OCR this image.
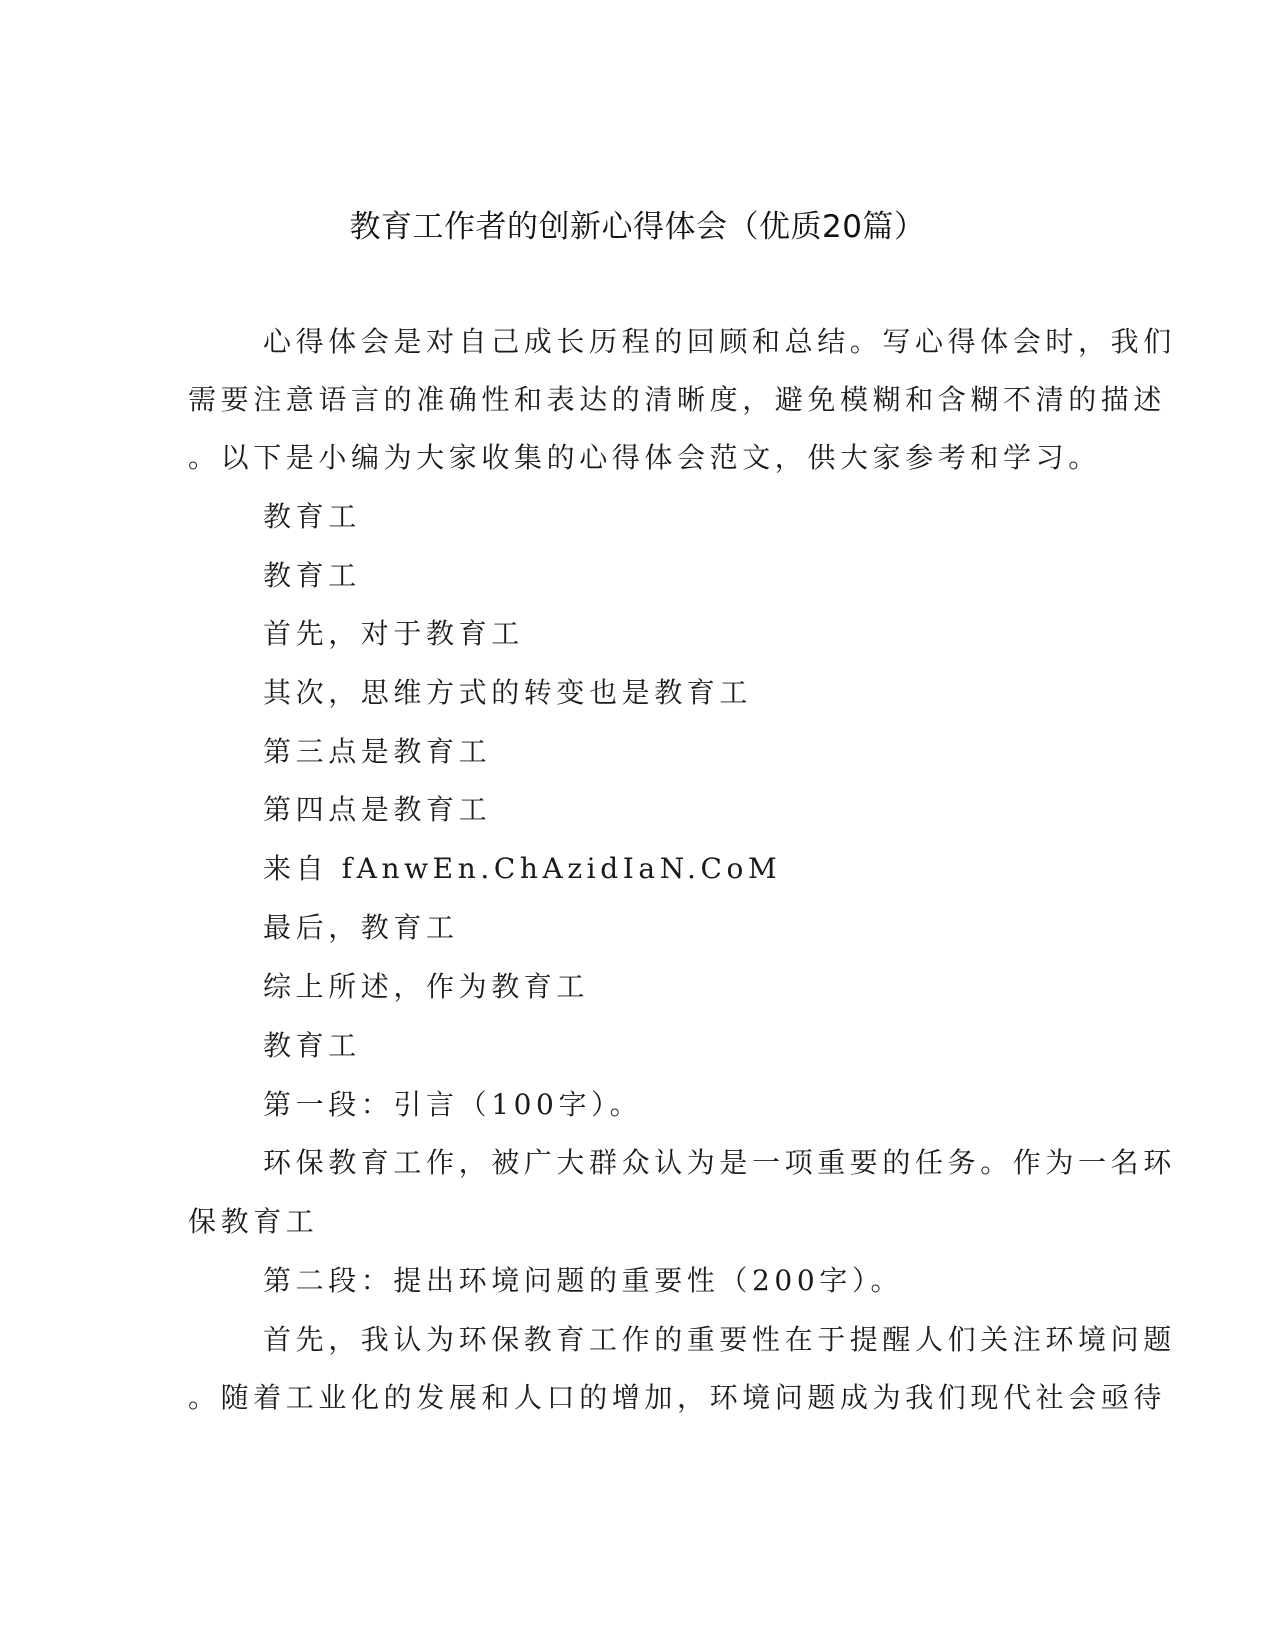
教育工作者的创新心得体会（优质20篇）
心得体会是对自己成长历程的回顾和总结。写心得体会时，我们
需要注意语言的准确性和表达的清晰度，避免模糊和含糊不清的描述
。以下是小编为大家收集的心得体会范文，供大家参考和学习。
教育工
教育工
首先，对于教育工
其次，思维方式的转变也是教育工
第三点是教育工
第四点是教育工
来自 fAnwEn.ChAzidIaN.CoM
最后，教育工
综上所述，作为教育工
教育工
第一段：引言（100字）。
环保教育工作，被广大群众认为是一项重要的任务。作为一名环
保教育工
第二段：提出环境问题的重要性（200字）。
首先，我认为环保教育工作的重要性在于提醒人们关注环境问题
。随着工业化的发展和人口的增加，环境问题成为我们现代社会亟待
